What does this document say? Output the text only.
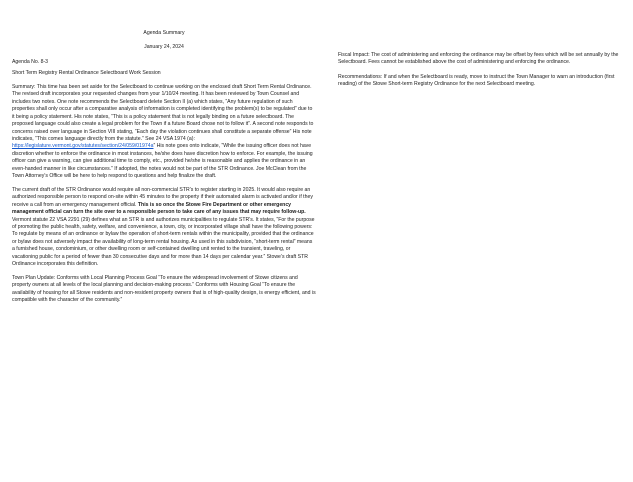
Agenda Summary
January 24, 2024
Agenda No. 8-3
Short Term Registry Rental Ordinance Selectboard Work Session

Summary: This time has been set aside for the Selectboard to continue working on the enclosed draft Short Term Rental Ordinance. The revised draft incorporates your requested changes from your 1/10/24 meeting. It has been reviewed by Town Counsel and includes two notes. One note recommends the Selectboard delete Section II (a) which states, “Any future regulation of such properties shall only occur after a comparative analysis of information is completed identifying the problem(s) to be regulated” due to it being a policy statement. His note states, “This is a policy statement that is not legally binding on a future selectboard. The proposed language could also create a legal problem for the Town if a future Board chose not to follow it”. A second note responds to concerns raised over language in Section VIII stating, “Each day the violation continues shall constitute a separate offense” His note indicates, “This comes language directly from the statute.” See 24 VSA 1974 (a):
https://legislature.vermont.gov/statutes/section/24/059/01974a” His note goes onto indicate, “While the issuing officer does not have discretion whether to enforce the ordinance in most instances, he/she does have discretion how to enforce. For example, the issuing officer can give a warning, can give additional time to comply, etc., provided he/she is reasonable and applies the ordinance in an even-handed manner in like circumstances.” If adopted, the notes would not be part of the STR Ordinance. Joe McClean from the Town Attorney’s Office will be here to help respond to questions and help finalize the draft.

The current draft of the STR Ordinance would require all non-commercial STR’s to register starting in 2025. It would also require an authorized responsible person to respond on-site within 45 minutes to the property if their automated alarm is activated and/or if they receive a call from an emergency management official. This is so once the Stowe Fire Department or other emergency management official can turn the site over to a responsible person to take care of any issues that may require follow-up. Vermont statute 22 VSA 2291 (29) defines what an STR is and authorizes municipalities to regulate STR’s. It states, “For the purpose of promoting the public health, safety, welfare, and convenience, a town, city, or incorporated village shall have the following powers: To regulate by means of an ordinance or bylaw the operation of short-term rentals within the municipality, provided that the ordinance or bylaw does not adversely impact the availability of long-term rental housing. As used in this subdivision, “short-term rental” means a furnished house, condominium, or other dwelling room or self-contained dwelling unit rented to the transient, traveling, or vacationing public for a period of fewer than 30 consecutive days and for more than 14 days per calendar year.” Stowe’s draft STR Ordinance incorporates this definition.

Town Plan Update: Conforms with Local Planning Process Goal “To ensure the widespread involvement of Stowe citizens and property owners at all levels of the local planning and decision-making process.” Conforms with Housing Goal “To ensure the availability of housing for all Stowe residents and non-resident property owners that is of high-quality design, is energy efficient, and is compatible with the character of the community.”

Fiscal Impact: The cost of administering and enforcing the ordinance may be offset by fees which will be set annually by the Selectboard. Fees cannot be established above the cost of administering and enforcing the ordinance.

Recommendations: If and when the Selectboard is ready, move to instruct the Town Manager to warn an introduction (first reading) of the Stowe Short-term Registry Ordinance for the next Selectboard meeting.
